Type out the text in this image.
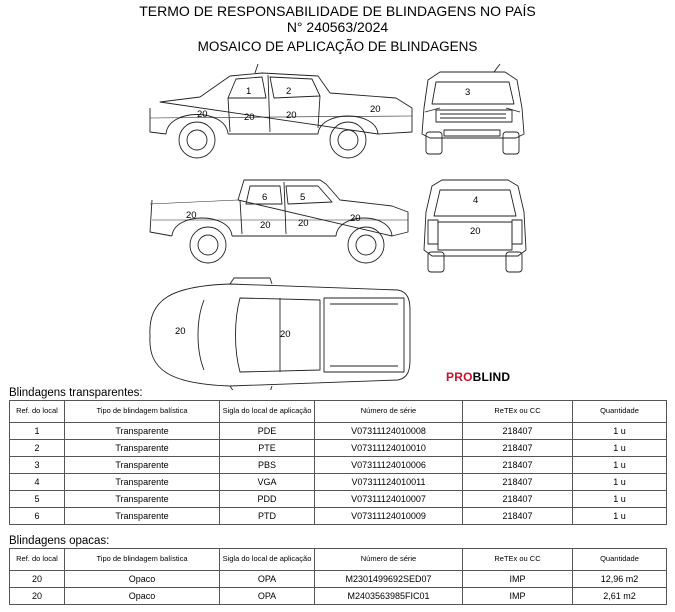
TERMO DE RESPONSABILIDADE DE BLINDAGENS NO PAÍS
N° 240563/2024
MOSAICO DE APLICAÇÃO DE BLINDAGENS
1	2
20	20	20
20
3
6	5
20
20	20	20
4
20
20	20
PROBLIND
Blindagens transparentes:
Ref. do local	Tipo de blindagem balística	Sigla do local de aplicação	Número de série	ReTEx ou CC	Quantidade
1	Transparente	PDE	V07311124010008	218407	1 u
2	Transparente	PTE	V07311124010010	218407	1 u
3	Transparente	PBS	V07311124010006	218407	1 u
4	Transparente	VGA	V07311124010011	218407	1 u
5	Transparente	PDD	V07311124010007	218407	1 u
6	Transparente	PTD	V07311124010009	218407	1 u
Blindagens opacas:
Ref. do local	Tipo de blindagem balística	Sigla do local de aplicação	Número de série	ReTEx ou CC	Quantidade
20	Opaco	OPA	M2301499692SED07	IMP	12,96 m2
20	Opaco	OPA	M2403563985FIC01	IMP	2,61 m2
